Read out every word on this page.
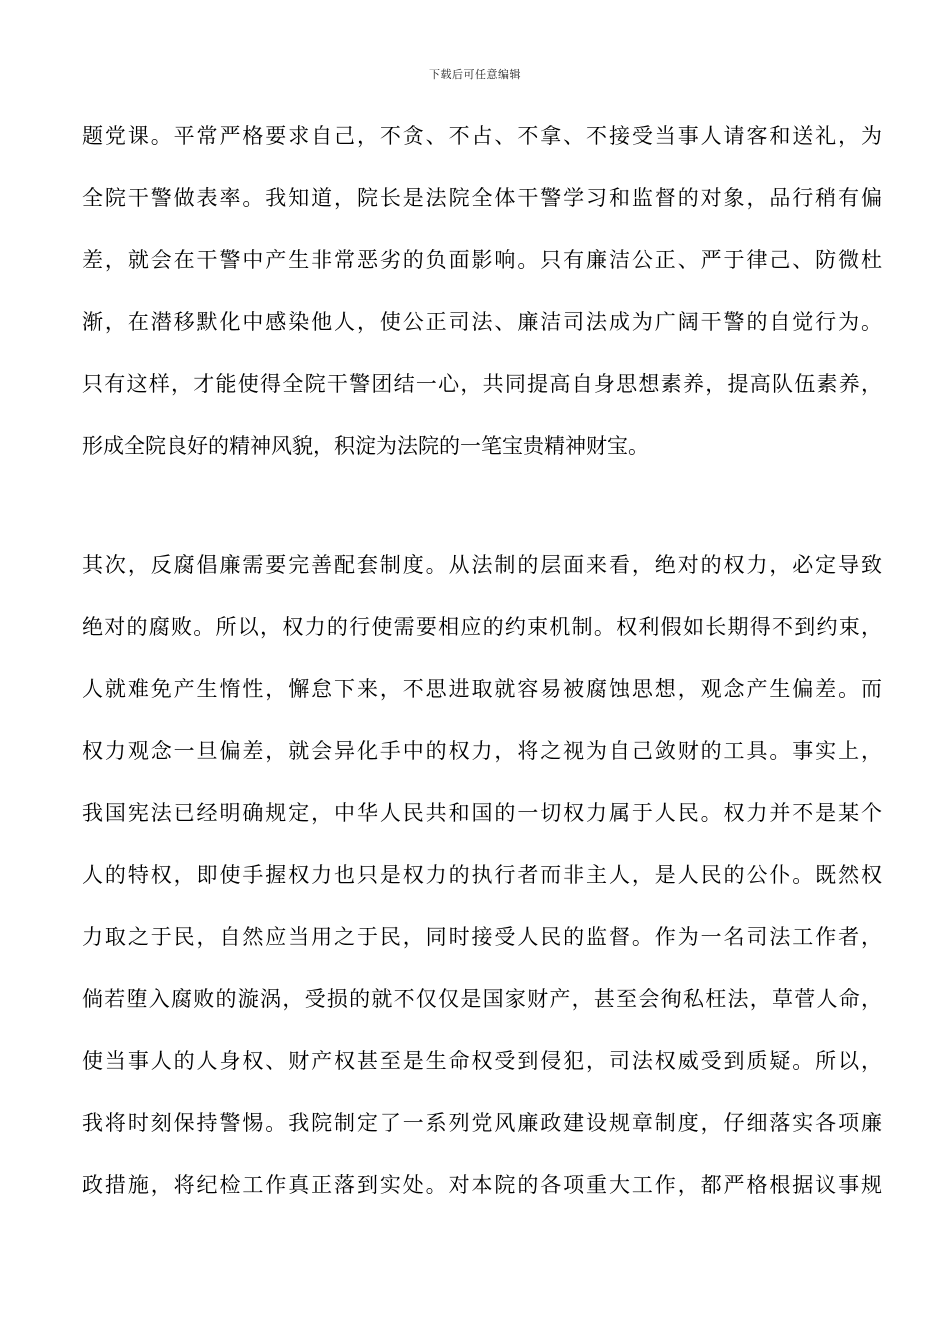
下载后可任意编辑
题党课。平常严格要求自己，不贪、不占、不拿、不接受当事人请客和送礼，为
全院干警做表率。我知道，院长是法院全体干警学习和监督的对象，品行稍有偏
差，就会在干警中产生非常恶劣的负面影响。只有廉洁公正、严于律己、防微杜
渐，在潜移默化中感染他人，使公正司法、廉洁司法成为广阔干警的自觉行为。
只有这样，才能使得全院干警团结一心，共同提高自身思想素养，提高队伍素养，
形成全院良好的精神风貌，积淀为法院的一笔宝贵精神财宝。
其次，反腐倡廉需要完善配套制度。从法制的层面来看，绝对的权力，必定导致
绝对的腐败。所以，权力的行使需要相应的约束机制。权利假如长期得不到约束，
人就难免产生惰性，懈怠下来，不思进取就容易被腐蚀思想，观念产生偏差。而
权力观念一旦偏差，就会异化手中的权力，将之视为自己敛财的工具。事实上，
我国宪法已经明确规定，中华人民共和国的一切权力属于人民。权力并不是某个
人的特权，即使手握权力也只是权力的执行者而非主人，是人民的公仆。既然权
力取之于民，自然应当用之于民，同时接受人民的监督。作为一名司法工作者，
倘若堕入腐败的漩涡，受损的就不仅仅是国家财产，甚至会徇私枉法，草菅人命，
使当事人的人身权、财产权甚至是生命权受到侵犯，司法权威受到质疑。所以，
我将时刻保持警惕。我院制定了一系列党风廉政建设规章制度，仔细落实各项廉
政措施，将纪检工作真正落到实处。对本院的各项重大工作，都严格根据议事规
